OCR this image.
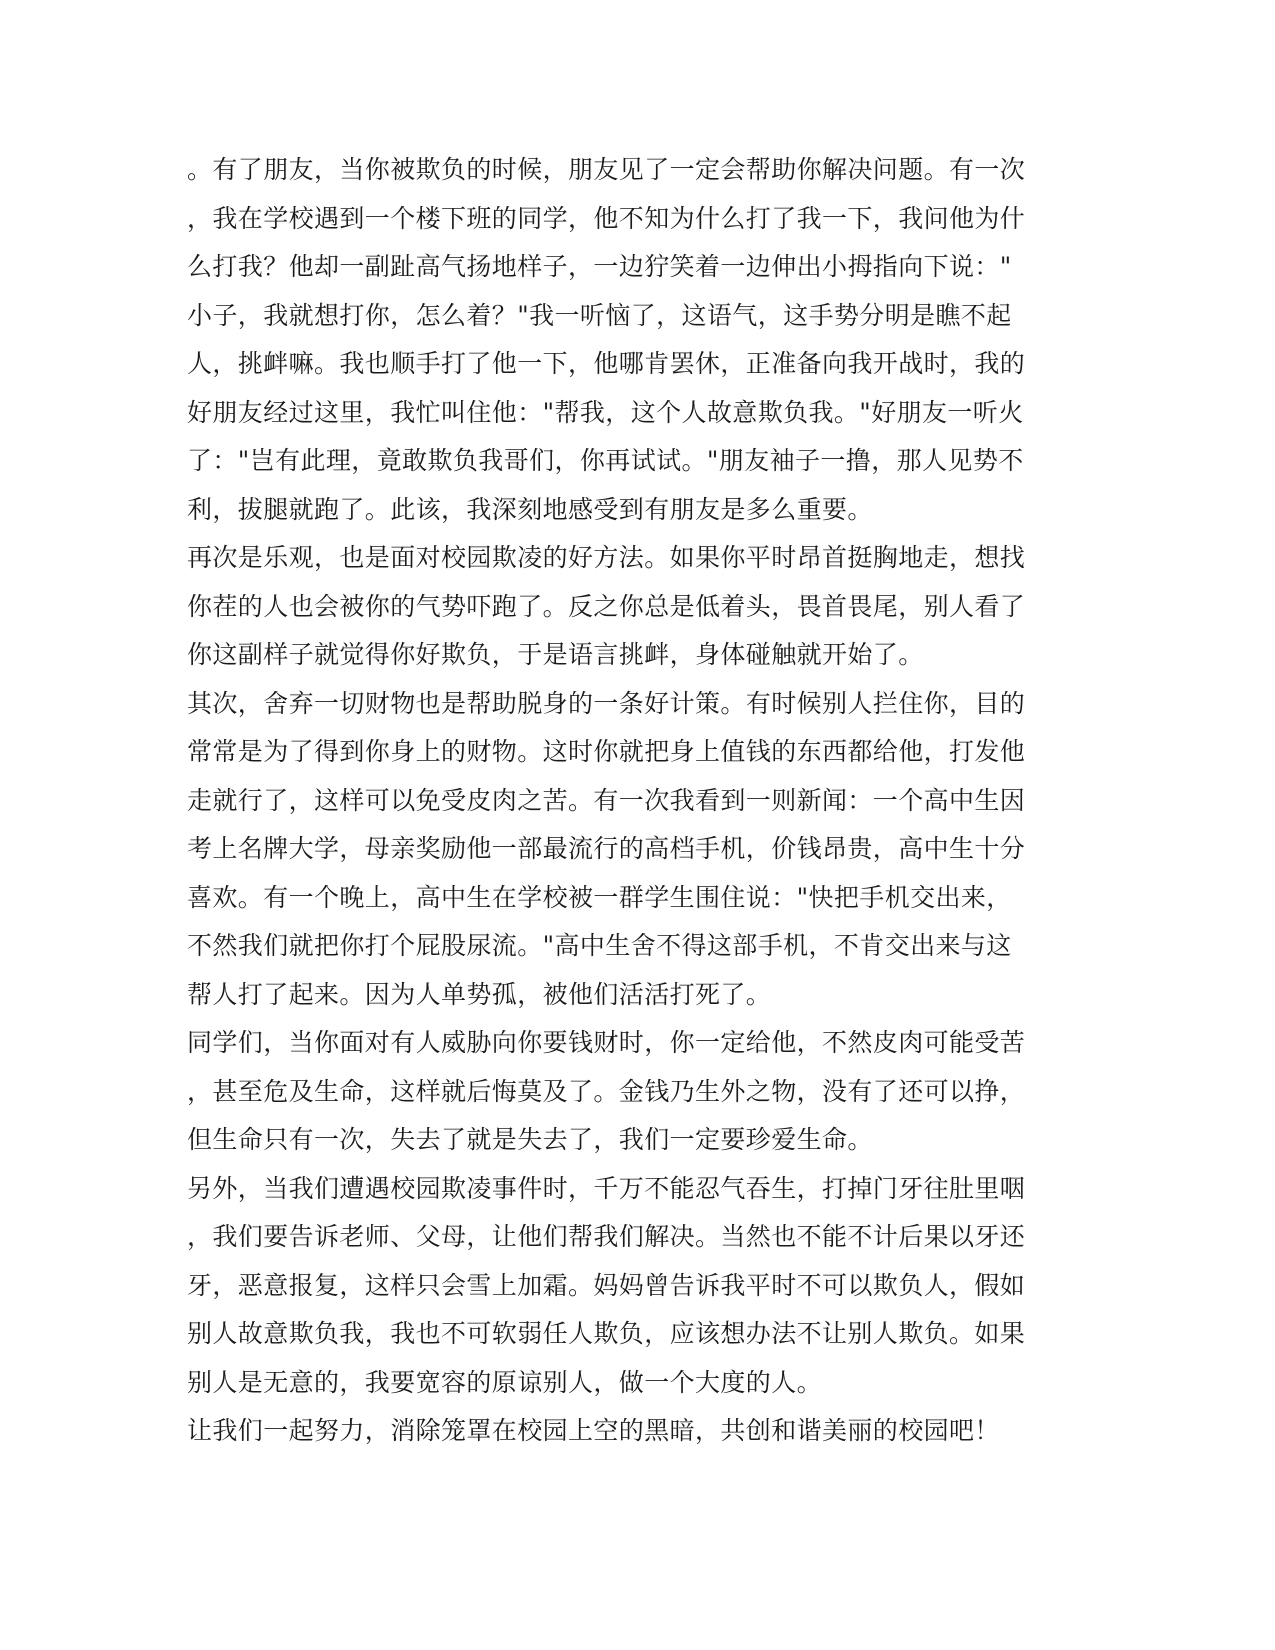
。有了朋友，当你被欺负的时候，朋友见了一定会帮助你解决问题。有一次
，我在学校遇到一个楼下班的同学，他不知为什么打了我一下，我问他为什
么打我？他却一副趾高气扬地样子，一边狞笑着一边伸出小拇指向下说："
小子，我就想打你，怎么着？"我一听恼了，这语气，这手势分明是瞧不起
人，挑衅嘛。我也顺手打了他一下，他哪肯罢休，正准备向我开战时，我的
好朋友经过这里，我忙叫住他："帮我，这个人故意欺负我。"好朋友一听火
了："岂有此理，竟敢欺负我哥们，你再试试。"朋友袖子一撸，那人见势不
利，拔腿就跑了。此该，我深刻地感受到有朋友是多么重要。
再次是乐观，也是面对校园欺凌的好方法。如果你平时昂首挺胸地走，想找
你茬的人也会被你的气势吓跑了。反之你总是低着头，畏首畏尾，别人看了
你这副样子就觉得你好欺负，于是语言挑衅，身体碰触就开始了。
其次，舍弃一切财物也是帮助脱身的一条好计策。有时候别人拦住你，目的
常常是为了得到你身上的财物。这时你就把身上值钱的东西都给他，打发他
走就行了，这样可以免受皮肉之苦。有一次我看到一则新闻：一个高中生因
考上名牌大学，母亲奖励他一部最流行的高档手机，价钱昂贵，高中生十分
喜欢。有一个晚上，高中生在学校被一群学生围住说："快把手机交出来，
不然我们就把你打个屁股尿流。"高中生舍不得这部手机，不肯交出来与这
帮人打了起来。因为人单势孤，被他们活活打死了。
同学们，当你面对有人威胁向你要钱财时，你一定给他，不然皮肉可能受苦
，甚至危及生命，这样就后悔莫及了。金钱乃生外之物，没有了还可以挣，
但生命只有一次，失去了就是失去了，我们一定要珍爱生命。
另外，当我们遭遇校园欺凌事件时，千万不能忍气吞生，打掉门牙往肚里咽
，我们要告诉老师、父母，让他们帮我们解决。当然也不能不计后果以牙还
牙，恶意报复，这样只会雪上加霜。妈妈曾告诉我平时不可以欺负人，假如
别人故意欺负我，我也不可软弱任人欺负，应该想办法不让别人欺负。如果
别人是无意的，我要宽容的原谅别人，做一个大度的人。
让我们一起努力，消除笼罩在校园上空的黑暗，共创和谐美丽的校园吧！
